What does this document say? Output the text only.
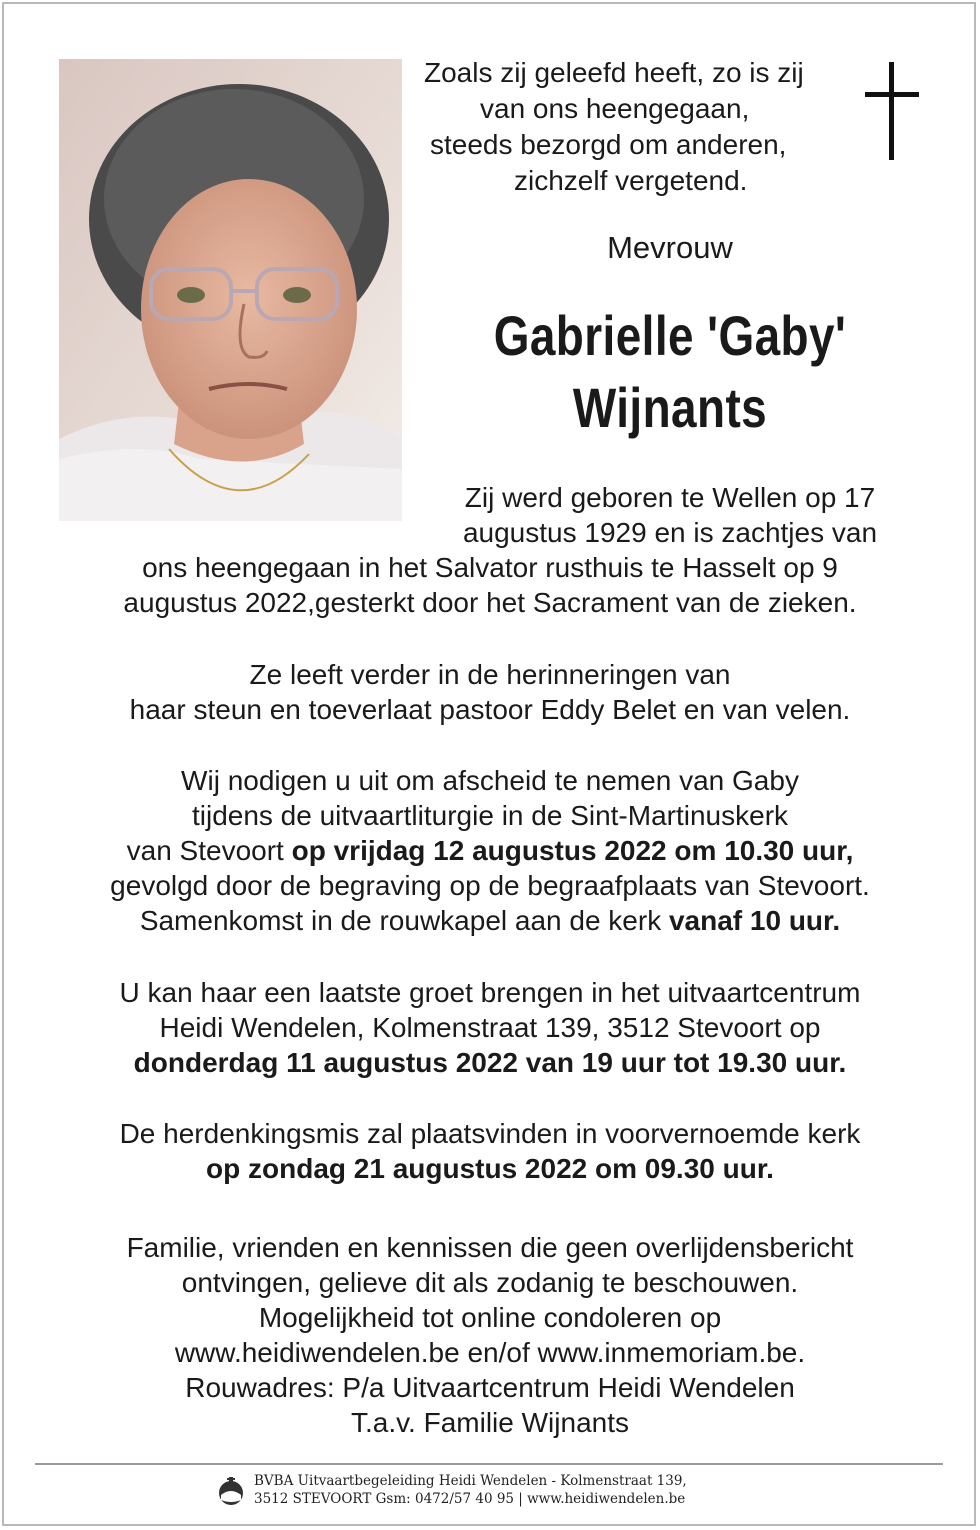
Zoals zij geleefd heeft, zo is zij
van ons heengegaan,
steeds bezorgd om anderen,
zichzelf vergetend.
Mevrouw
Gabrielle 'Gaby'
Wijnants
Zij werd geboren te Wellen op 17
augustus 1929 en is zachtjes van
ons heengegaan in het Salvator rusthuis te Hasselt op 9
augustus 2022,gesterkt door het Sacrament van de zieken.
Ze leeft verder in de herinneringen van
haar steun en toeverlaat pastoor Eddy Belet en van velen.
Wij nodigen u uit om afscheid te nemen van Gaby
tijdens de uitvaartliturgie in de Sint-Martinuskerk
van Stevoort op vrijdag 12 augustus 2022 om 10.30 uur,
gevolgd door de begraving op de begraafplaats van Stevoort.
Samenkomst in de rouwkapel aan de kerk vanaf 10 uur.
U kan haar een laatste groet brengen in het uitvaartcentrum
Heidi Wendelen, Kolmenstraat 139, 3512 Stevoort op
donderdag 11 augustus 2022 van 19 uur tot 19.30 uur.
De herdenkingsmis zal plaatsvinden in voorvernoemde kerk
op zondag 21 augustus 2022 om 09.30 uur.
Familie, vrienden en kennissen die geen overlijdensbericht
ontvingen, gelieve dit als zodanig te beschouwen.
Mogelijkheid tot online condoleren op
www.heidiwendelen.be en/of www.inmemoriam.be.
Rouwadres: P/a Uitvaartcentrum Heidi Wendelen
T.a.v. Familie Wijnants
BVBA Uitvaartbegeleiding Heidi Wendelen - Kolmenstraat 139,
3512 STEVOORT Gsm: 0472/57 40 95 | www.heidiwendelen.be
